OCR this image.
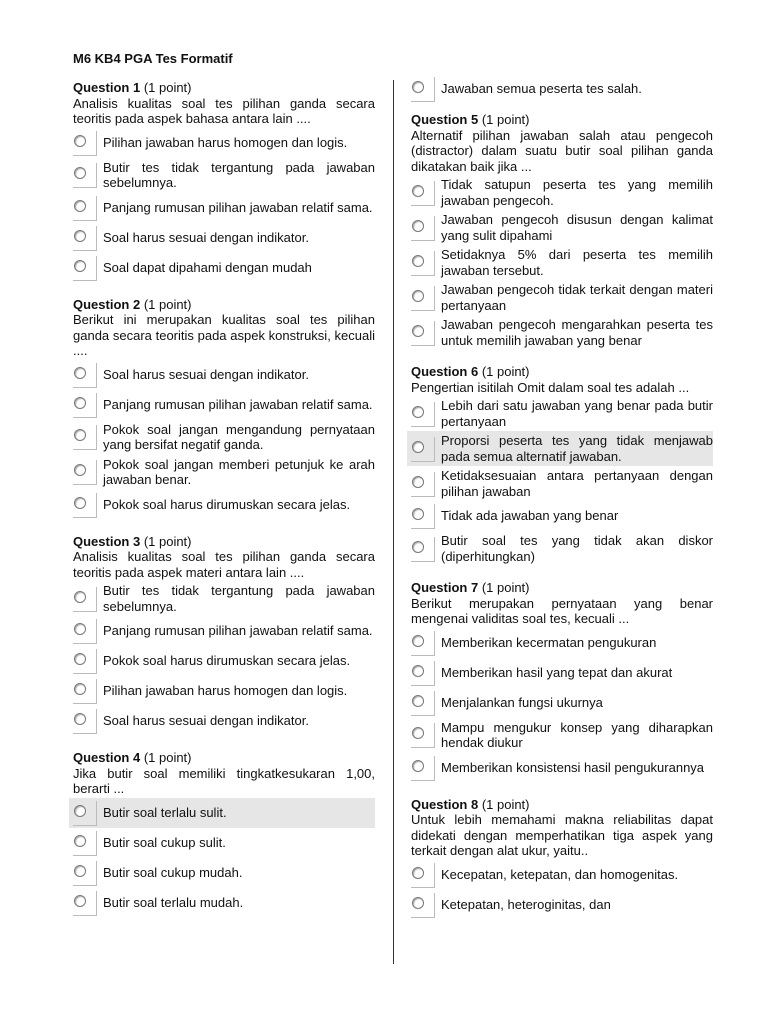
M6 KB4 PGA Tes Formatif
Question 1 (1 point)
Analisis kualitas soal tes pilihan ganda secara teoritis pada aspek bahasa antara lain ....
Pilihan jawaban harus homogen dan logis.
Butir tes tidak tergantung pada jawaban sebelumnya.
Panjang rumusan pilihan jawaban relatif sama.
Soal harus sesuai dengan indikator.
Soal dapat dipahami dengan mudah
Question 2 (1 point)
Berikut ini merupakan kualitas soal tes pilihan ganda secara teoritis pada aspek konstruksi, kecuali ....
Soal harus sesuai dengan indikator.
Panjang rumusan pilihan jawaban relatif sama.
Pokok soal jangan mengandung pernyataan yang bersifat negatif ganda.
Pokok soal jangan memberi petunjuk ke arah jawaban benar.
Pokok soal harus dirumuskan secara jelas.
Question 3 (1 point)
Analisis kualitas soal tes pilihan ganda secara teoritis pada aspek materi antara lain ....
Butir tes tidak tergantung pada jawaban sebelumnya.
Panjang rumusan pilihan jawaban relatif sama.
Pokok soal harus dirumuskan secara jelas.
Pilihan jawaban harus homogen dan logis.
Soal harus sesuai dengan indikator.
Question 4 (1 point)
Jika butir soal memiliki tingkatkesukaran 1,00, berarti ...
Butir soal terlalu sulit.
Butir soal cukup sulit.
Butir soal cukup mudah.
Butir soal terlalu mudah.
Jawaban semua peserta tes salah.
Question 5 (1 point)
Alternatif pilihan jawaban salah atau pengecoh (distractor) dalam suatu butir soal pilihan ganda dikatakan baik jika ...
Tidak satupun peserta tes yang memilih jawaban pengecoh.
Jawaban pengecoh disusun dengan kalimat yang sulit dipahami
Setidaknya 5% dari peserta tes memilih jawaban tersebut.
Jawaban pengecoh tidak terkait dengan materi pertanyaan
Jawaban pengecoh mengarahkan peserta tes untuk memilih jawaban yang benar
Question 6 (1 point)
Pengertian isitilah Omit dalam soal tes adalah ...
Lebih dari satu jawaban yang benar pada butir pertanyaan
Proporsi peserta tes yang tidak menjawab pada semua alternatif jawaban.
Ketidaksesuaian antara pertanyaan dengan pilihan jawaban
Tidak ada jawaban yang benar
Butir soal tes yang tidak akan diskor (diperhitungkan)
Question 7 (1 point)
Berikut merupakan pernyataan yang benar mengenai validitas soal tes, kecuali ...
Memberikan kecermatan pengukuran
Memberikan hasil yang tepat dan akurat
Menjalankan fungsi ukurnya
Mampu mengukur konsep yang diharapkan hendak diukur
Memberikan konsistensi hasil pengukurannya
Question 8 (1 point)
Untuk lebih memahami makna reliabilitas dapat didekati dengan memperhatikan tiga aspek yang terkait dengan alat ukur, yaitu..
Kecepatan, ketepatan, dan homogenitas.
Ketepatan, heteroginitas, dan
